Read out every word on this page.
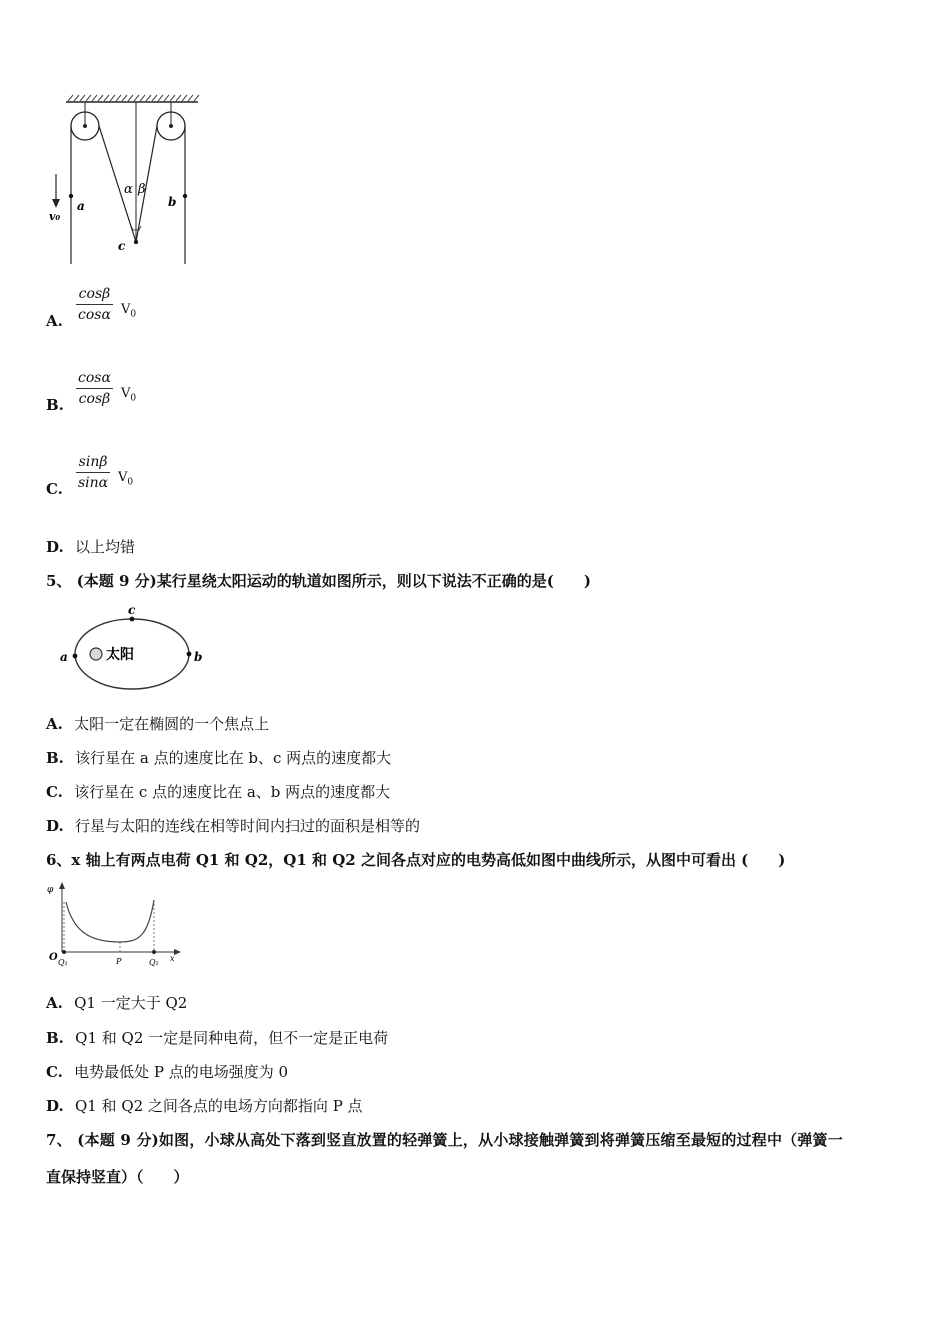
v₀
a	b
c
α β
A.
cosβ
cosα $V_0$
B.
cosα
cosβ $V_0$
C.
sinβ
sinα $V_0$
D. 以上均错
5、 (本题 9 分)某行星绕太阳运动的轨道如图所示，则以下说法不正确的是(　　)
太阳
a	b
c
A. 太阳一定在椭圆的一个焦点上
B. 该行星在 a 点的速度比在 b、c 两点的速度都大
C. 该行星在 c 点的速度比在 a、b 两点的速度都大
D. 行星与太阳的连线在相等时间内扫过的面积是相等的
6、x 轴上有两点电荷 Q1 和 Q2，Q1 和 Q2 之间各点对应的电势高低如图中曲线所示，从图中可看出 (　　)
φ
O Q₁	P	Q₂ x
A. Q1 一定大于 Q2
B. Q1 和 Q2 一定是同种电荷，但不一定是正电荷
C. 电势最低处 P 点的电场强度为 0
D. Q1 和 Q2 之间各点的电场方向都指向 P 点
7、 (本题 9 分)如图，小球从高处下落到竖直放置的轻弹簧上，从小球接触弹簧到将弹簧压缩至最短的过程中（弹簧一
直保持竖直）（　　）
